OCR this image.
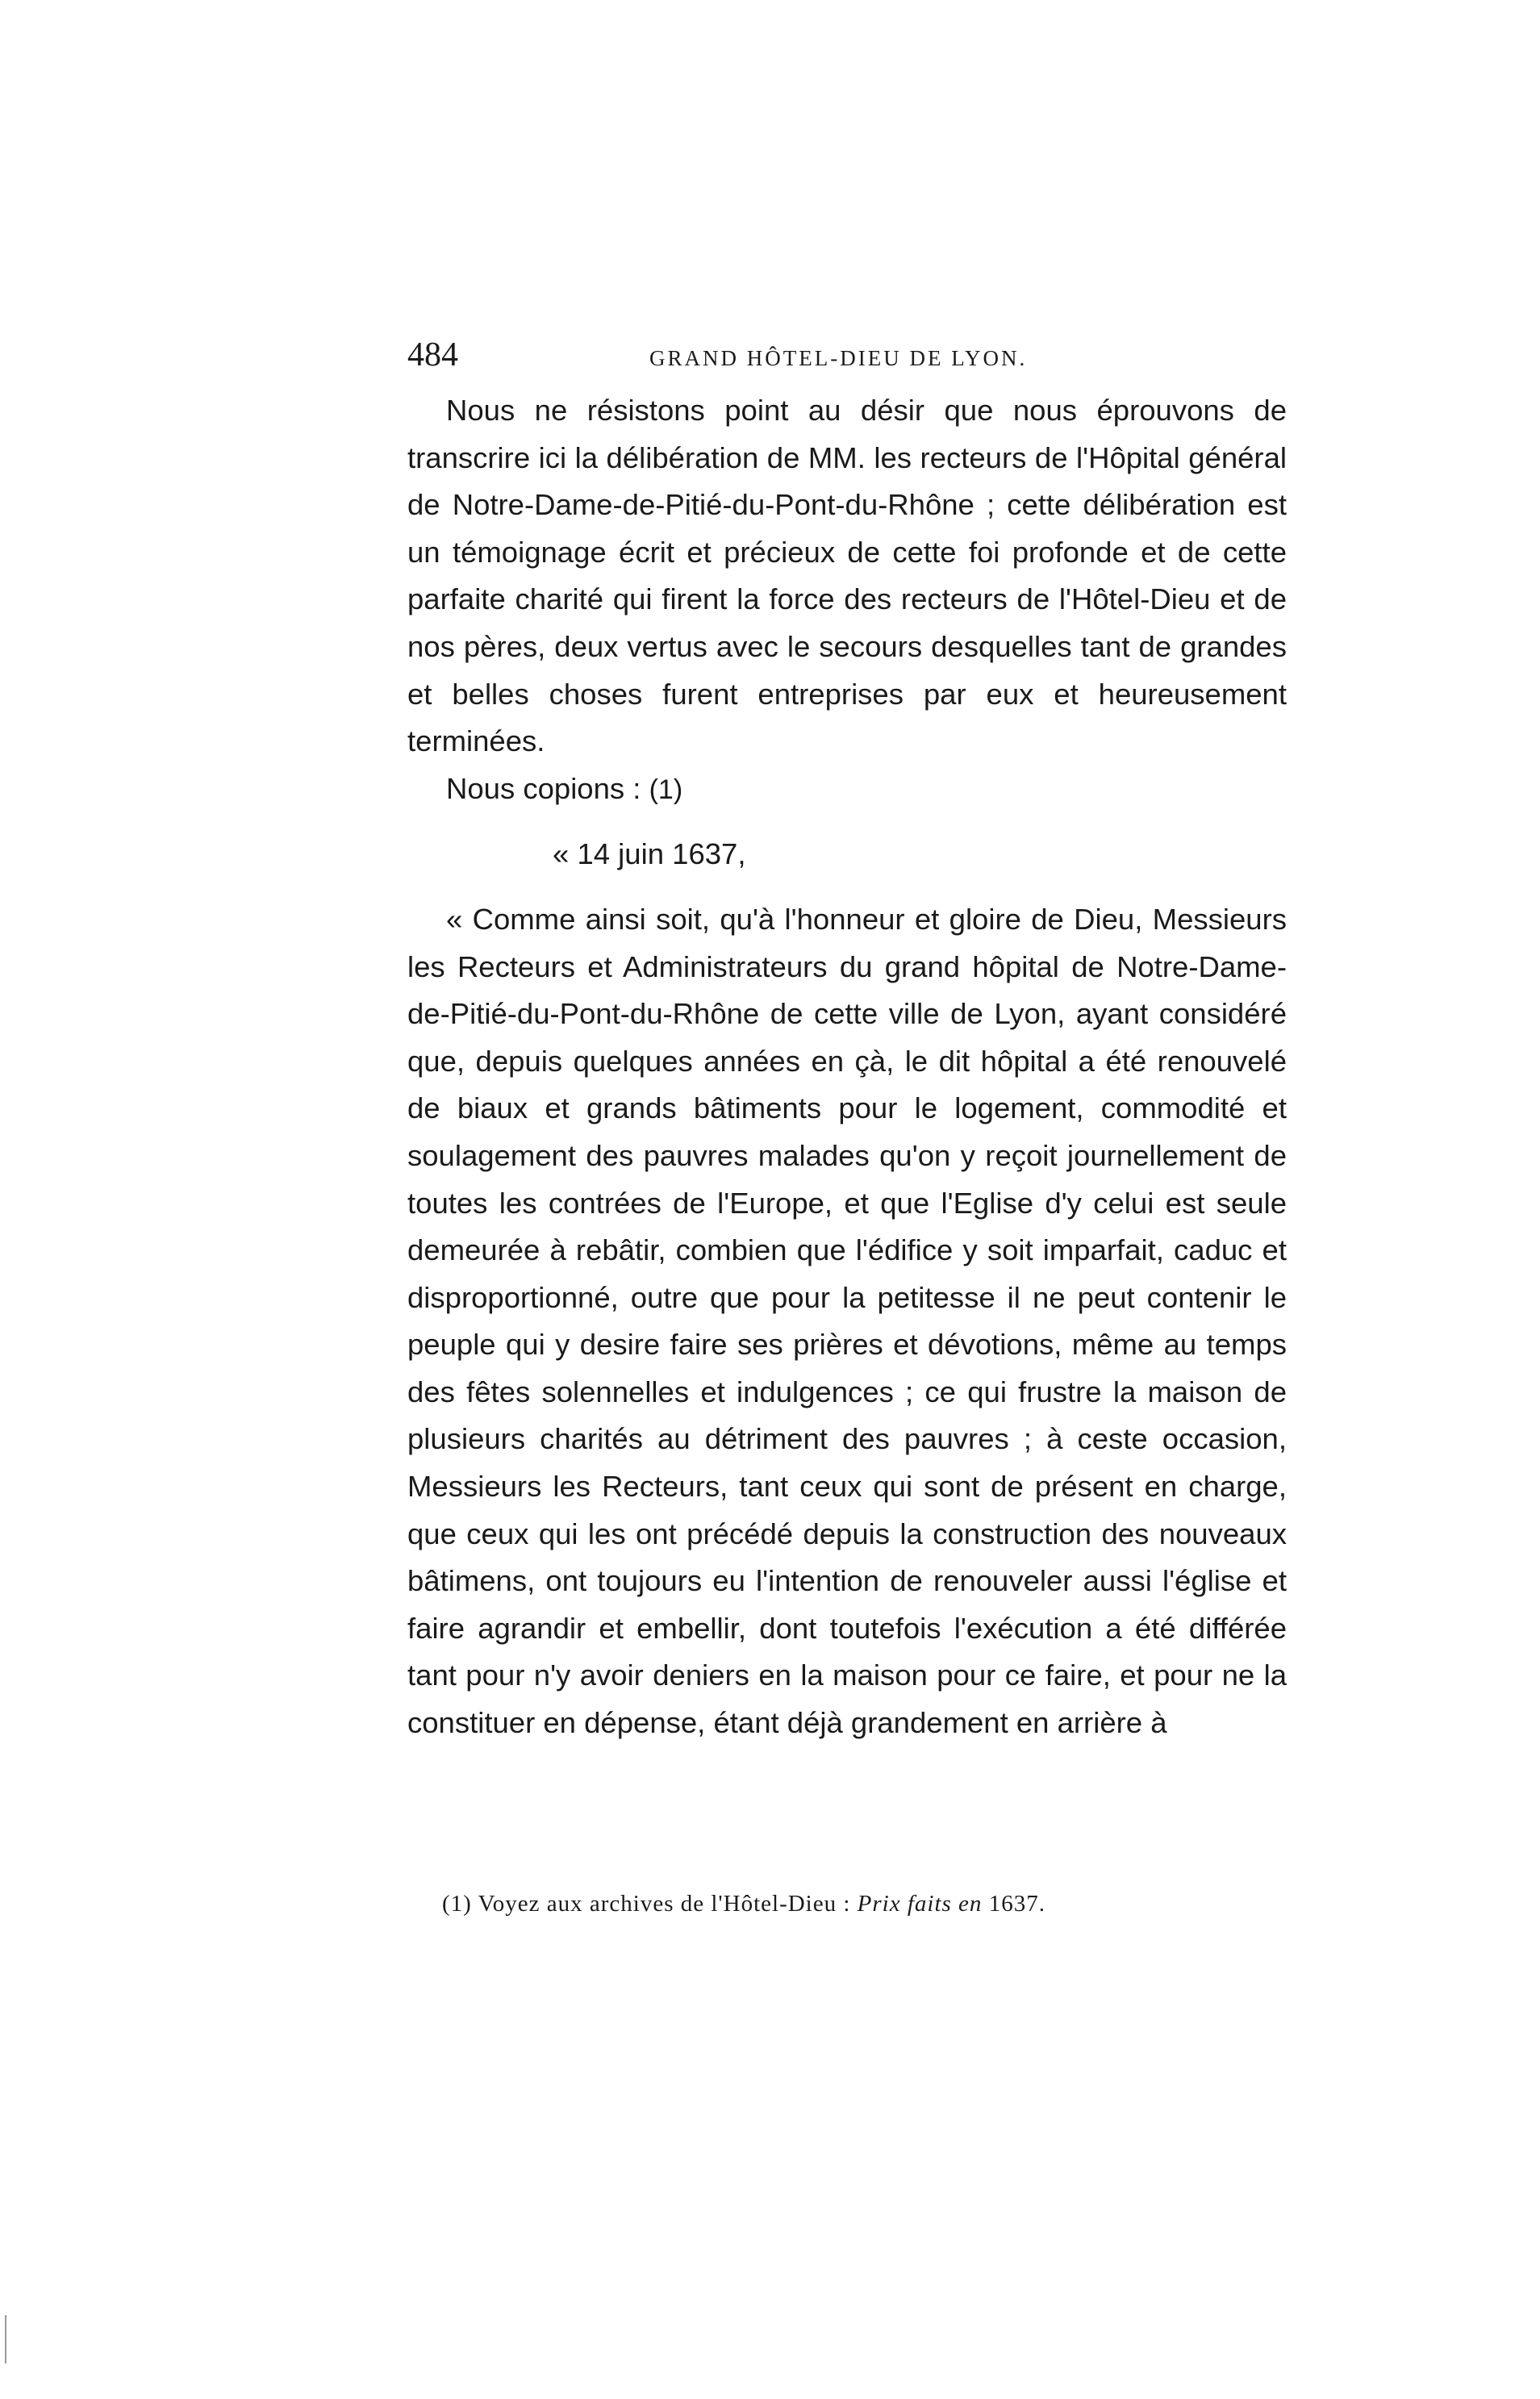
484	GRAND HÔTEL-DIEU DE LYON.

Nous ne résistons point au désir que nous éprouvons de transcrire ici la délibération de MM. les recteurs de l'Hôpital général de Notre-Dame-de-Pitié-du-Pont-du-Rhône ; cette délibération est un témoignage écrit et précieux de cette foi profonde et de cette parfaite charité qui firent la force des recteurs de l'Hôtel-Dieu et de nos pères, deux vertus avec le secours desquelles tant de grandes et belles choses furent entreprises par eux et heureusement terminées.

Nous copions : (1)

« 14 juin 1637,

« Comme ainsi soit, qu'à l'honneur et gloire de Dieu, Messieurs les Recteurs et Administrateurs du grand hôpital de Notre-Dame-de-Pitié-du-Pont-du-Rhône de cette ville de Lyon, ayant considéré que, depuis quelques années en çà, le dit hôpital a été renouvelé de biaux et grands bâtiments pour le logement, commodité et soulagement des pauvres malades qu'on y reçoit journellement de toutes les contrées de l'Europe, et que l'Eglise d'y celui est seule demeurée à rebâtir, combien que l'édifice y soit imparfait, caduc et disproportionné, outre que pour la petitesse il ne peut contenir le peuple qui y desire faire ses prières et dévotions, même au temps des fêtes solennelles et indulgences ; ce qui frustre la maison de plusieurs charités au détriment des pauvres ; à ceste occasion, Messieurs les Recteurs, tant ceux qui sont de présent en charge, que ceux qui les ont précédé depuis la construction des nouveaux bâtimens, ont toujours eu l'intention de renouveler aussi l'église et faire agrandir et embellir, dont toutefois l'exécution a été différée tant pour n'y avoir deniers en la maison pour ce faire, et pour ne la constituer en dépense, étant déjà grandement en arrière à

(1) Voyez aux archives de l'Hôtel-Dieu : Prix faits en 1637.
